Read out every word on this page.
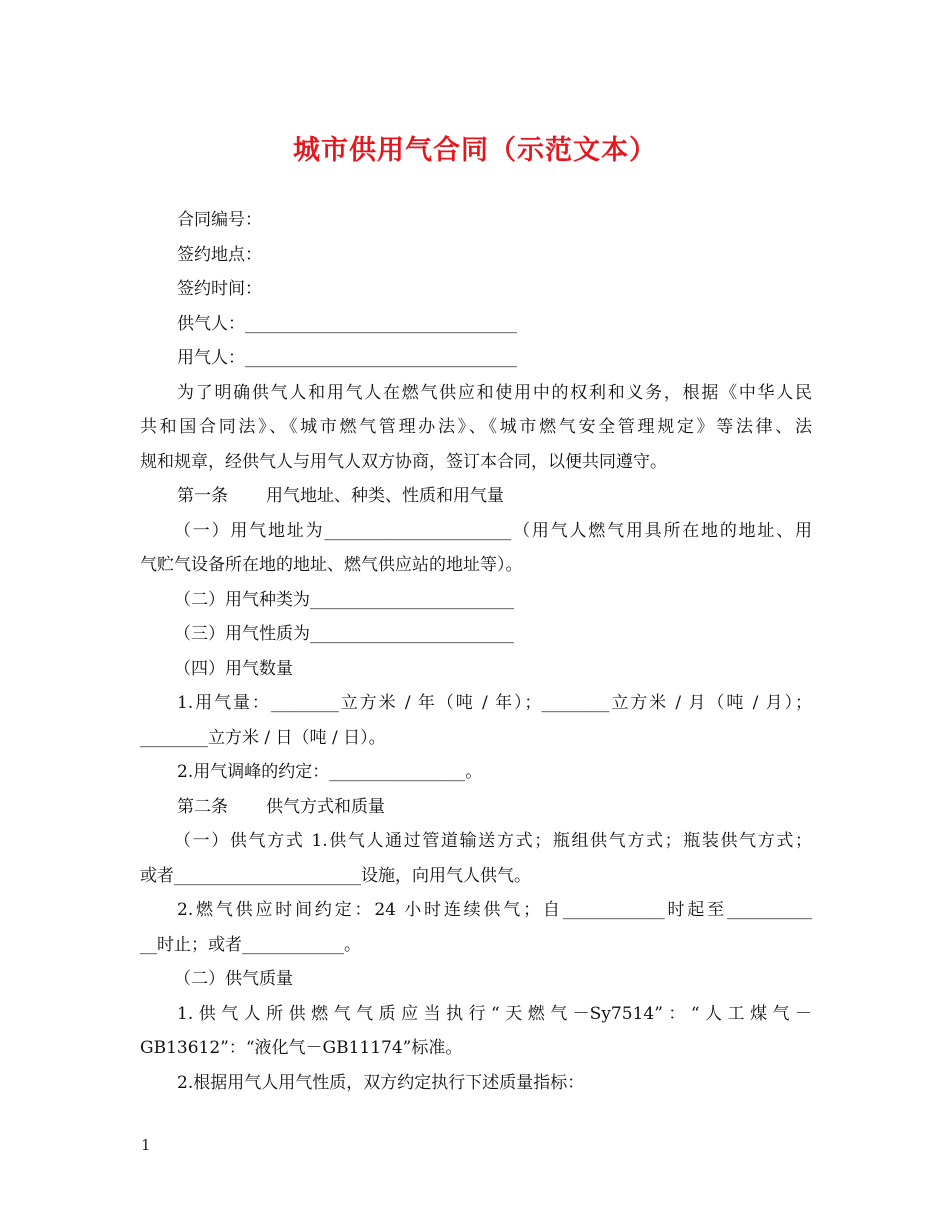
城市供用气合同（示范文本）
合同编号：
签约地点：
签约时间：
供气人：________________________________
用气人：________________________________
为了明确供气人和用气人在燃气供应和使用中的权利和义务，根据《中华人民
共和国合同法》、《城市燃气管理办法》、《城市燃气安全管理规定》等法律、法
规和规章，经供气人与用气人双方协商，签订本合同，以便共同遵守。
第一条 用气地址、种类、性质和用气量
（一）用气地址为______________________（用气人燃气用具所在地的地址、用
气贮气设备所在地的地址、燃气供应站的地址等）。
（二）用气种类为________________________
（三）用气性质为________________________
（四）用气数量
1.用气量：________立方米 / 年（吨 / 年）；________立方米 / 月（吨 / 月）；
________立方米 / 日（吨 / 日）。
2.用气调峰的约定：________________。
第二条 供气方式和质量
（一）供气方式 1.供气人通过管道输送方式；瓶组供气方式；瓶装供气方式；
或者______________________设施，向用气人供气。
2.燃气供应时间约定：24 小时连续供气；自____________时起至__________
__时止；或者____________。
（二）供气质量
1.供气人所供燃气气质应当执行“天燃气－Sy7514”：“人工煤气－
GB13612”：“液化气－GB11174”标准。
2.根据用气人用气性质，双方约定执行下述质量指标：
1
